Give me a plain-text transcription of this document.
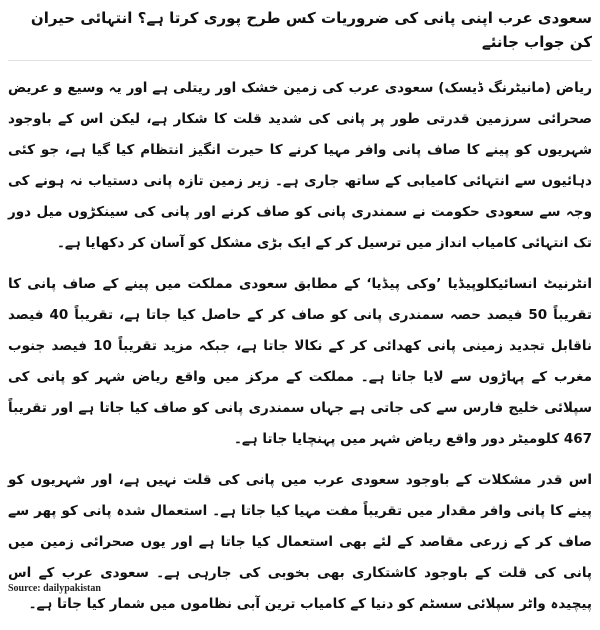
سعودی عرب اپنی پانی کی ضروریات کس طرح پوری کرتا ہے؟ انتہائی حیران کن جواب جانئے

ریاض (مانیٹرنگ ڈیسک) سعودی عرب کی زمین خشک اور ریتلی ہے اور یہ وسیع و عریض صحرائی سرزمین قدرتی طور پر پانی کی شدید قلت کا شکار ہے، لیکن اس کے باوجود شہریوں کو پینے کا صاف پانی وافر مہیا کرنے کا حیرت انگیز انتظام کیا گیا ہے، جو کئی دہائیوں سے انتہائی کامیابی کے ساتھ جاری ہے۔ زیر زمین تازہ پانی دستیاب نہ ہونے کی وجہ سے سعودی حکومت نے سمندری پانی کو صاف کرنے اور پانی کی سینکڑوں میل دور تک انتہائی کامیاب انداز میں ترسیل کر کے ایک بڑی مشکل کو آسان کر دکھایا ہے۔

انٹرنیٹ انسائیکلوپیڈیا ’وکی پیڈیا‘ کے مطابق سعودی مملکت میں پینے کے صاف پانی کا تقریباً 50 فیصد حصہ سمندری پانی کو صاف کر کے حاصل کیا جاتا ہے، تقریباً 40 فیصد ناقابل تجدید زمینی پانی کھدائی کر کے نکالا جاتا ہے، جبکہ مزید تقریباً 10 فیصد جنوب مغرب کے پہاڑوں سے لایا جاتا ہے۔ مملکت کے مرکز میں واقع ریاض شہر کو پانی کی سپلائی خلیج فارس سے کی جاتی ہے جہاں سمندری پانی کو صاف کیا جاتا ہے اور تقریباً 467 کلومیٹر دور واقع ریاض شہر میں پہنچایا جاتا ہے۔

اس قدر مشکلات کے باوجود سعودی عرب میں پانی کی قلت نہیں ہے، اور شہریوں کو پینے کا پانی وافر مقدار میں تقریباً مفت مہیا کیا جاتا ہے۔ استعمال شدہ پانی کو پھر سے صاف کر کے زرعی مقاصد کے لئے بھی استعمال کیا جاتا ہے اور یوں صحرائی زمین میں پانی کی قلت کے باوجود کاشتکاری بھی بخوبی کی جارہی ہے۔ سعودی عرب کے اس پیچیدہ واٹر سپلائی سسٹم کو دنیا کے کامیاب ترین آبی نظاموں میں شمار کیا جاتا ہے۔

Source: dailypakistan
